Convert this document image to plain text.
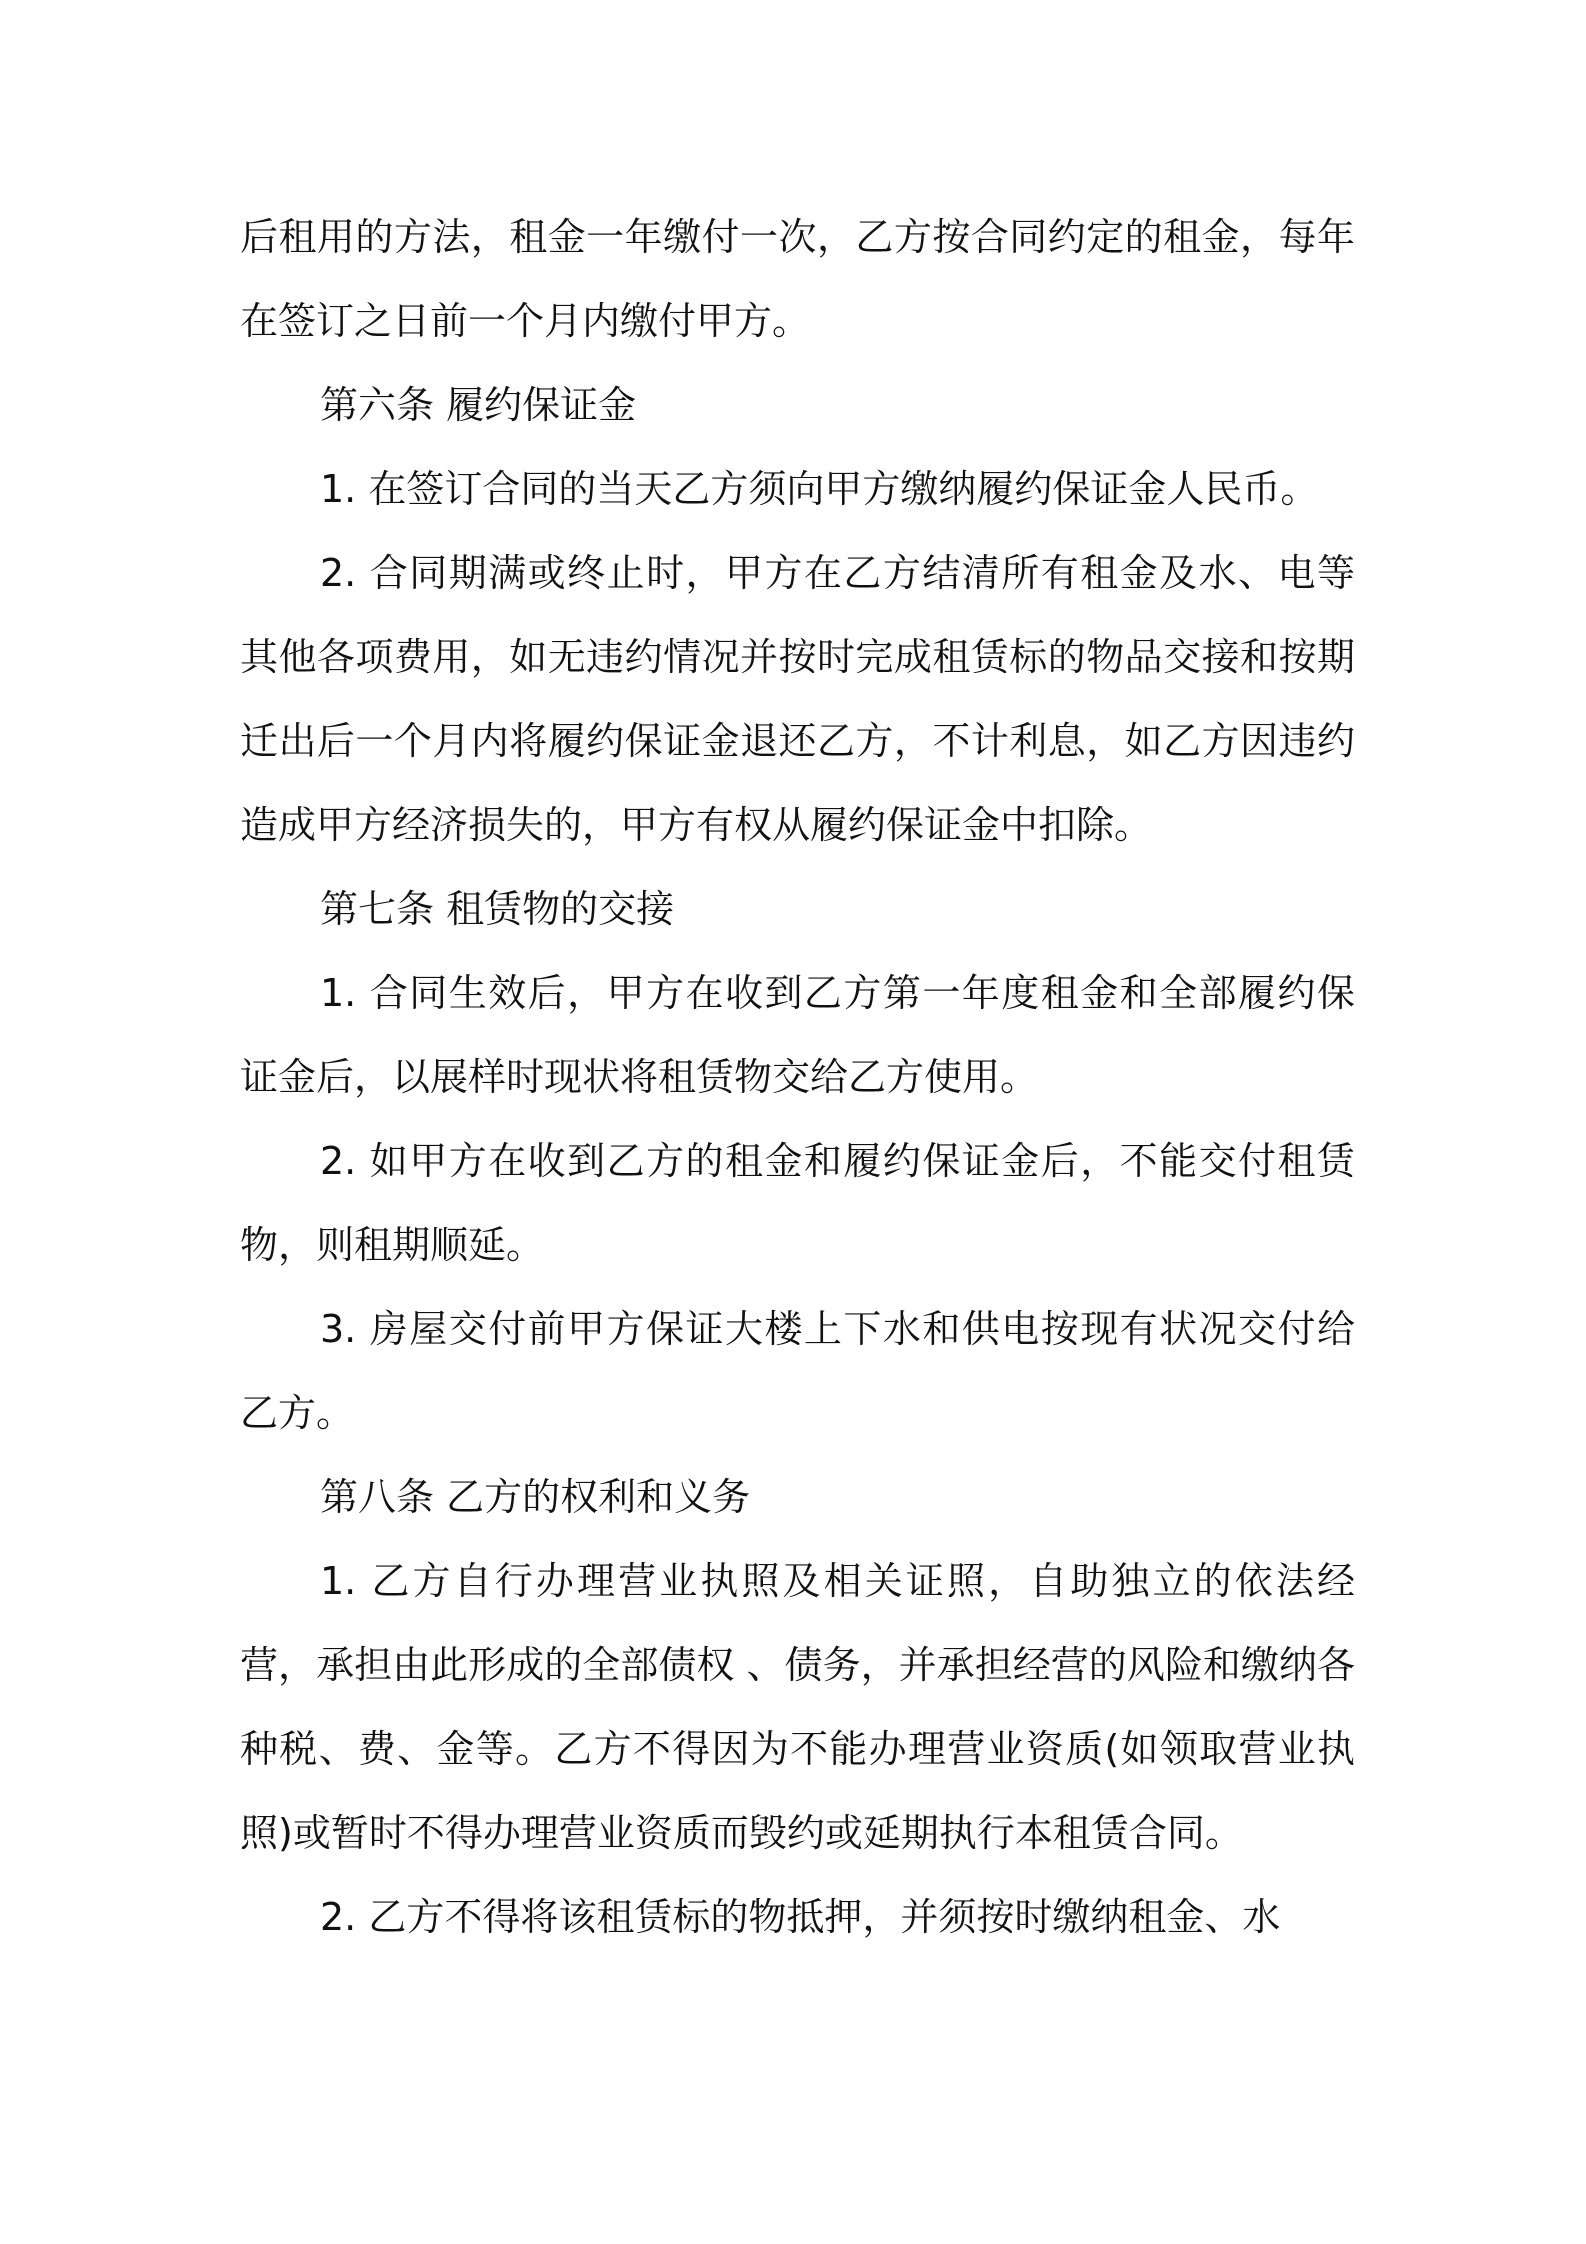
后租用的方法，租金一年缴付一次，乙方按合同约定的租金，每年在签订之日前一个月内缴付甲方。

第六条 履约保证金

1. 在签订合同的当天乙方须向甲方缴纳履约保证金人民币。

2. 合同期满或终止时，甲方在乙方结清所有租金及水、电等其他各项费用，如无违约情况并按时完成租赁标的物品交接和按期迁出后一个月内将履约保证金退还乙方，不计利息，如乙方因违约造成甲方经济损失的，甲方有权从履约保证金中扣除。

第七条 租赁物的交接

1. 合同生效后，甲方在收到乙方第一年度租金和全部履约保证金后，以展样时现状将租赁物交给乙方使用。

2. 如甲方在收到乙方的租金和履约保证金后，不能交付租赁物，则租期顺延。

3. 房屋交付前甲方保证大楼上下水和供电按现有状况交付给乙方。

第八条 乙方的权利和义务

1. 乙方自行办理营业执照及相关证照，自助独立的依法经营，承担由此形成的全部债权 、债务，并承担经营的风险和缴纳各种税、费、金等。乙方不得因为不能办理营业资质(如领取营业执照)或暂时不得办理营业资质而毁约或延期执行本租赁合同。

2. 乙方不得将该租赁标的物抵押，并须按时缴纳租金、水
